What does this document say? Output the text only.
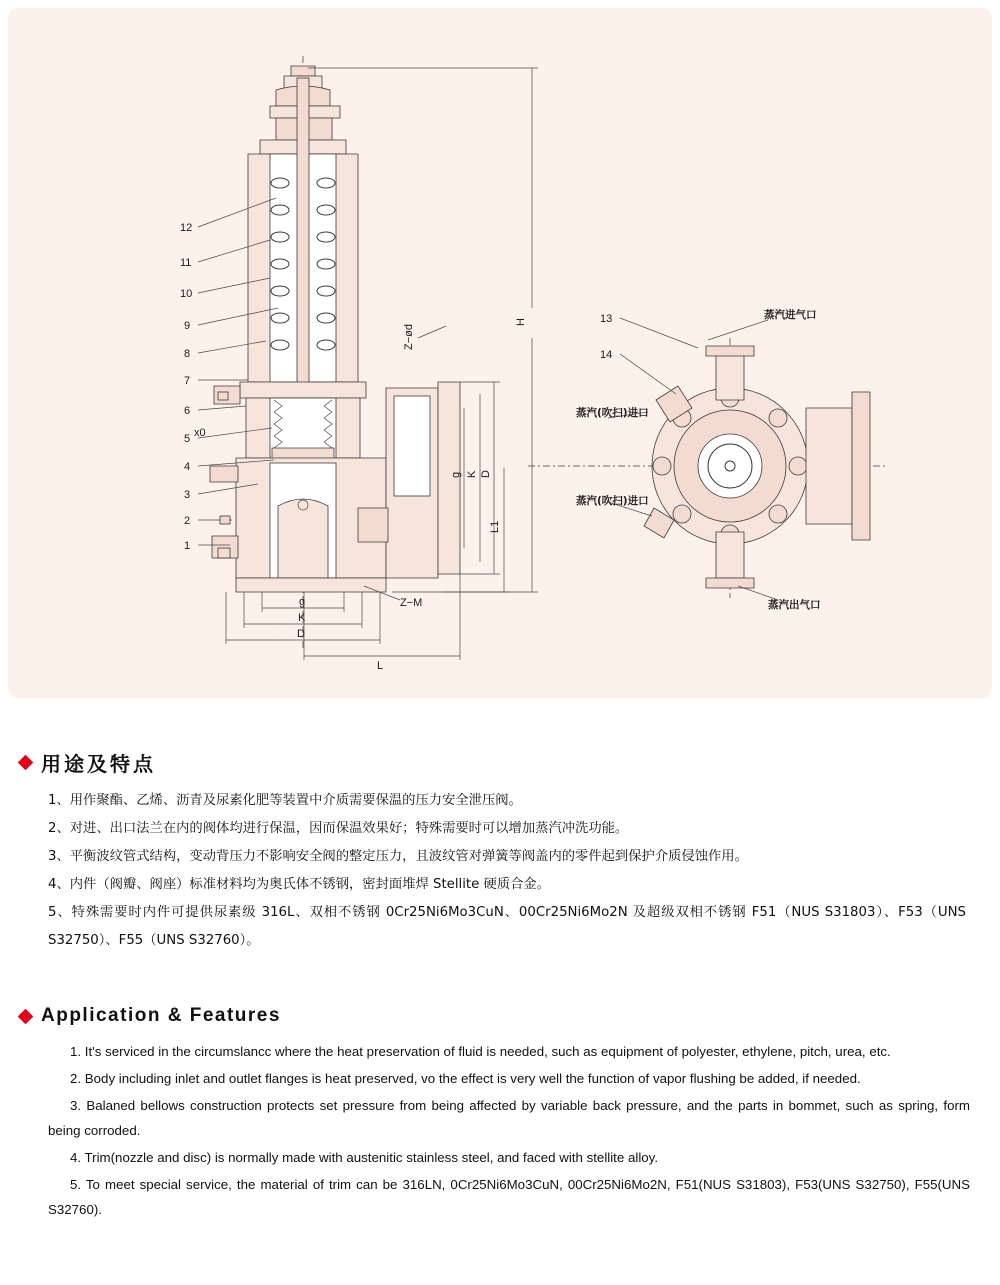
12
11
10
9
8
7
6
5
4
3
2
1
x0
H
L1
D
K
g
Z−ød
Z−M
g
K
D
L
13
14
蒸汽进气口
蒸汽(吹扫)进口
蒸汽(吹扫)进口
蒸汽出气口
用途及特点

1、用作聚酯、乙烯、沥青及尿素化肥等装置中介质需要保温的压力安全泄压阀。

2、对进、出口法兰在内的阀体均进行保温，因而保温效果好；特殊需要时可以增加蒸汽冲洗功能。

3、平衡波纹管式结构，变动背压力不影响安全阀的整定压力，且波纹管对弹簧等阀盖内的零件起到保护介质侵蚀作用。

4、内件（阀瓣、阀座）标准材料均为奥氏体不锈钢，密封面堆焊 Stellite 硬质合金。

5、特殊需要时内件可提供尿素级 316L、双相不锈钢 0Cr25Ni6Mo3CuN、00Cr25Ni6Mo2N 及超级双相不锈钢 F51（NUS S31803）、F53（UNS S32750）、F55（UNS S32760）。

Application & Features

1. It's serviced in the circumslancc where the heat preservation of fluid is needed, such as equipment of polyester, ethylene, pitch, urea, etc.

2. Body including inlet and outlet flanges is heat preserved, vo the effect is very well the function of vapor flushing be added, if needed.

3. Balaned bellows construction protects set pressure from being affected by variable back pressure, and the parts in bommet, such as spring, form being corroded.

4. Trim(nozzle and disc) is normally made with austenitic stainless steel, and faced with stellite alloy.

5. To meet special service, the material of trim can be 316LN, 0Cr25Ni6Mo3CuN, 00Cr25Ni6Mo2N, F51(NUS S31803), F53(UNS S32750), F55(UNS S32760).
